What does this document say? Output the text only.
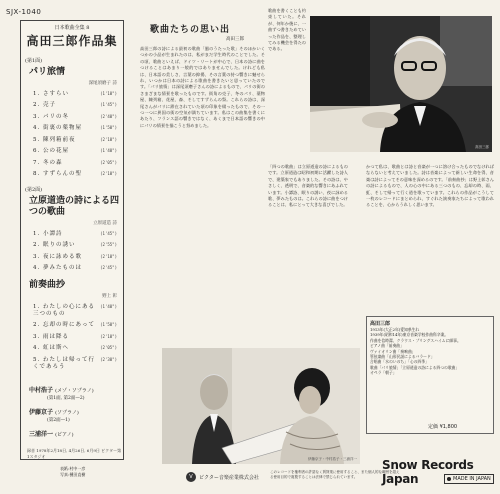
SJX-1040
日本歌曲全集 8
高田三郎作品集
(第1面)
パリ旅情
深尾須磨子 詩
1. さすらい	(1'10")
2. 売子	(1'45")
3. パリの冬	(2'40")
4. 街裏の薬物屋	(1'50")
5. 陳列箱前夜	(2'10")
6. 公の花屋	(1'40")
7. 冬の森	(2'05")
8. すずらんの聖	(2'10")
(第2面)
立原道造の詩による四つの歌曲
立原道造 詩
1. 小譚詩	(1'45")
2. 眠りの誘い	(2'55")
3. 夜に詠める歌	(2'10")
4. 夢みたものは	(2'45")
前奏曲抄
野上 彰
1. わたしの心にある三つのもの
(1'40")
2. 忘却の時にあって (1'50")
3. 雨は降る	(2'10")
4. 虹は斯へ	(2'05")
5. わたしは帰って行くであろう
(2'30")
中村浩子 (メゾ・ソプラノ)
(第1面, 第2面—2)
伊藤京子 (ソプラノ)
(第2面—1)
三浦洋一 (ピアノ)
録音 1978年2月18日, 4月26日, 6月9日 ビクター第1スタジオ
歌曲たちの思い出
高田三郎
高田三郎の詩による最初の歌曲「風のうたった歌」そのほかいくつかの小品が生まれたのは、私がまだ学生時代のことでした。その頃、歌曲といえば、ドイツ・リートが中心で、日本の詩に曲をつけることはあまり一般的ではありませんでした。けれども私は、日本語の美しさ、言葉の抑揚、その言葉の持つ響きに魅せられ、いつかは日本の詩による歌曲を書きたいと思っていたのです。「パリ旅情」は深尾須磨子さんの詩によるもので、パリの街のさまざまな情景を歌ったものです。街角の売子、冬のパリ、薬物屋、陳列箱、花屋、森、そしてすずらんの祭。これらの詩は、深尾さんがパリに滞在されていた頃の印象を綴ったもので、その一つ一つに異国の街の空気が満ちています。私はこの曲集を書くにあたり、フランス語の響きではなく、あくまで日本語の響きの中にパリの情景を描こうと努めました。
歌曲を書くことも約束していた。それが、何年か後に、一曲ずつ書きためていった作品を、整理してみる機会を得たのである。
「四つの歌曲」は立原道造の詩によるものです。立原道造は昭和初期に活躍した詩人で、建築家でもありました。その詩は、やさしく、透明で、音楽的な響きにあふれています。小譚詩、眠りの誘い、夜に詠める歌、夢みたものは。これらの詩に曲をつけることは、私にとって大きな喜びでした。
かつて私は、歌曲とは詩と音楽が一つに溶け合ったものでなければならないと考えていました。詩は音楽によって新しい生命を得、音楽は詩によってその意味を深めるのです。「前奏曲抄」は野上彰さんの詩によるもので、人の心の中にある三つのもの、忘却の時、雨、虹、そして帰って行く道を歌っています。これらの作品がこうして一枚のレコードにまとめられ、すぐれた演奏家たちによって歌われることを、心からうれしく思います。
高田三郎
伊藤京子・中村浩子・三浦洋一
高田三郎
1913年(大正2年)愛知県生れ
1939年(昭和14年)東京音楽学校作曲科卒業。
作曲を信時潔、クラウス・プリングスハイムに師事。
ピアノ曲「前奏曲」
ヴァイオリン曲「奏鳴曲」
管弦楽曲「山形民謡によるバラード」
合唱曲「水のいのち」「心の四季」
歌曲「パリ旅情」「立原道造の詩による四つの歌曲」
オペラ「朝子」
定価 ¥1,800
表紙:村中一彦
写真:樋田直樹	V	ビクター音楽産業株式会社
このレコードを権利者の許諾なく賃貸業に使用すること、また個人的な範囲を超える使用目的で複製することは法律で禁じられています。
Snow Records Japan	MADE IN JAPAN
